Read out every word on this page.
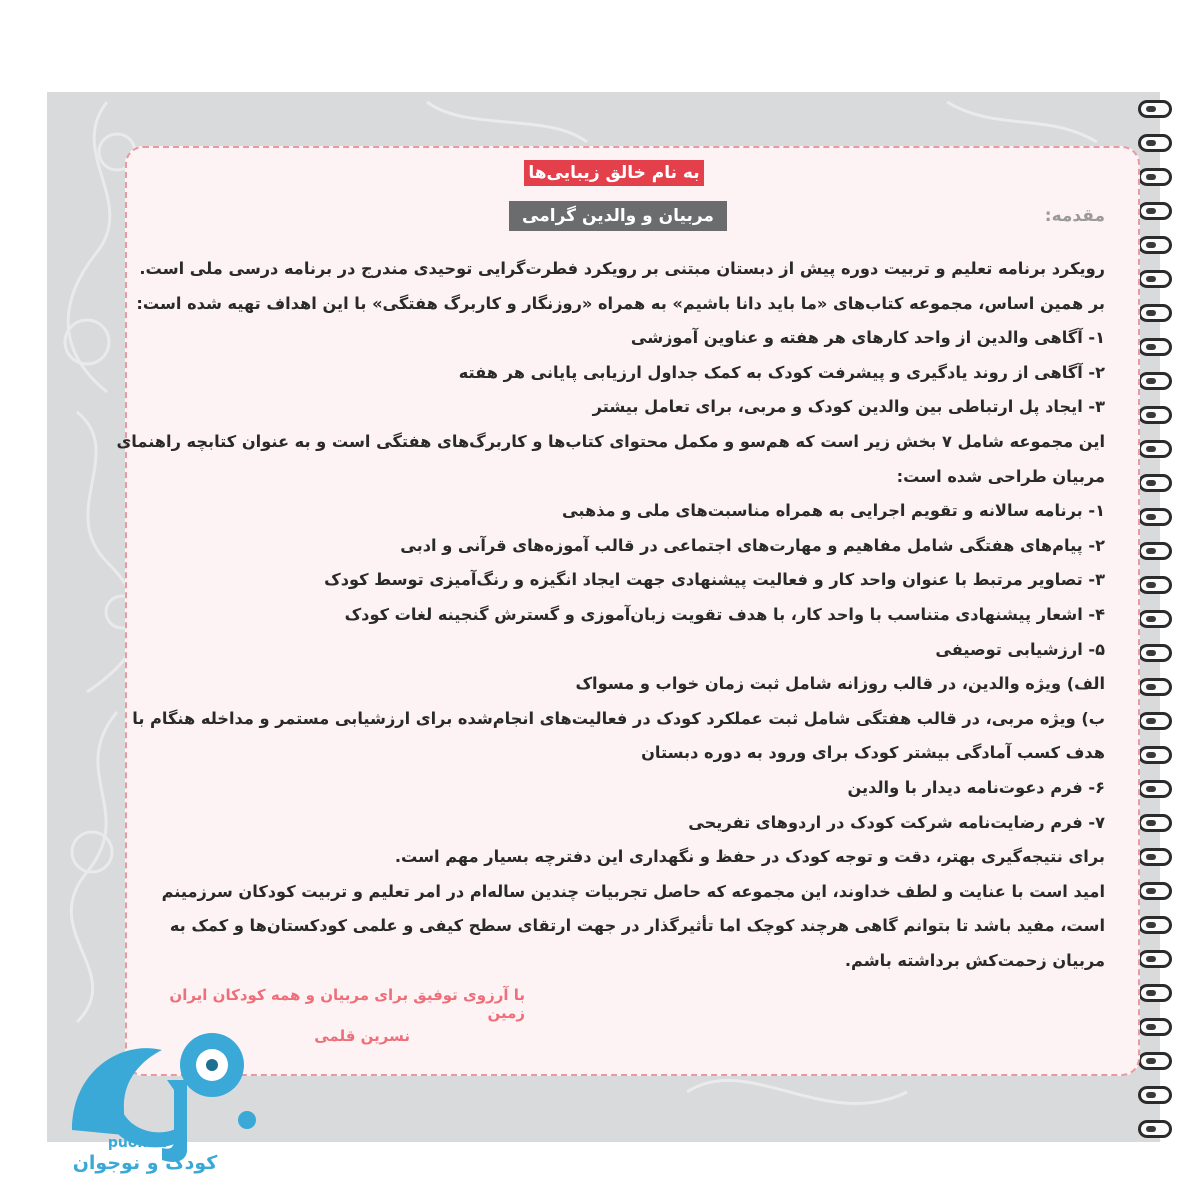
به نام خالق زیبایی‌ها
مربیان و والدین گرامی	مقدمه:
رویکرد برنامه تعلیم و تربیت دوره پیش از دبستان مبتنی بر رویکرد فطرت‌گرایی توحیدی مندرج در برنامه درسی ملی است.
بر همین اساس، مجموعه کتاب‌های «ما باید دانا باشیم» به همراه «روزنگار و کاربرگ هفتگی» با این اهداف تهیه شده است:
۱- آگاهی والدین از واحد کارهای هر هفته و عناوین آموزشی
۲- آگاهی از روند یادگیری و پیشرفت کودک به کمک جداول ارزیابی پایانی هر هفته
۳- ایجاد پل ارتباطی بین والدین کودک و مربی، برای تعامل بیشتر
این مجموعه شامل ۷ بخش زیر است که هم‌سو و مکمل محتوای کتاب‌ها و کاربرگ‌های هفتگی است و به عنوان کتابچه راهنمای
مربیان طراحی شده است:
۱- برنامه سالانه و تقویم اجرایی به همراه مناسبت‌های ملی و مذهبی
۲- پیام‌های هفتگی شامل مفاهیم و مهارت‌های اجتماعی در قالب آموزه‌های قرآنی و ادبی
۳- تصاویر مرتبط با عنوان واحد کار و فعالیت پیشنهادی جهت ایجاد انگیزه و رنگ‌آمیزی توسط کودک
۴- اشعار پیشنهادی متناسب با واحد کار، با هدف تقویت زبان‌آموزی و گسترش گنجینه لغات کودک
۵- ارزشیابی توصیفی
الف) ویژه والدین، در قالب روزانه شامل ثبت زمان خواب و مسواک
ب) ویژه مربی، در قالب هفتگی شامل ثبت عملکرد کودک در فعالیت‌های انجام‌شده برای ارزشیابی مستمر و مداخله هنگام با
هدف کسب آمادگی بیشتر کودک برای ورود به دوره دبستان
۶- فرم دعوت‌نامه دیدار با والدین
۷- فرم رضایت‌نامه شرکت کودک در اردوهای تفریحی
برای نتیجه‌گیری بهتر، دقت و توجه کودک در حفظ و نگهداری این دفترچه بسیار مهم است.
امید است با عنایت و لطف خداوند، این مجموعه که حاصل تجربیات چندین ساله‌ام در امر تعلیم و تربیت کودکان سرزمینم
است، مفید باشد تا بتوانم گاهی هرچند کوچک اما تأثیرگذار در جهت ارتقای سطح کیفی و علمی کودکستان‌ها و کمک به
مربیان زحمت‌کش برداشته باشم.
با آرزوی توفیق برای مربیان و همه کودکان ایران زمین
نسرین قلمی
puonak
کودک و نوجوان
